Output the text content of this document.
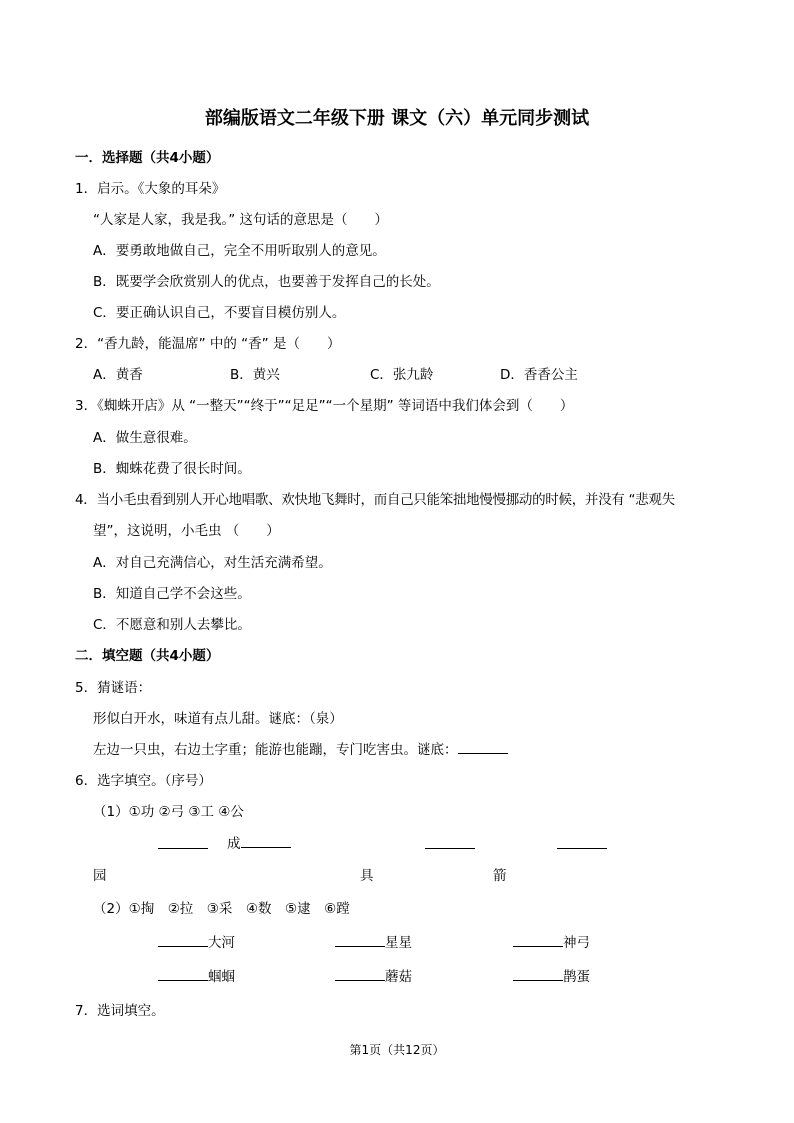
部编版语文二年级下册 课文（六）单元同步测试
一．选择题（共4小题）
1．启示。《大象的耳朵》
“人家是人家，我是我。” 这句话的意思是（　　）
A．要勇敢地做自己，完全不用听取别人的意见。
B．既要学会欣赏别人的优点，也要善于发挥自己的长处。
C．要正确认识自己，不要盲目模仿别人。
2．“香九龄，能温席” 中的 “香” 是（　　）
A．黄香	B．黄兴	C．张九龄	D．香香公主
3．《蜘蛛开店》从 “一整天”“终于”“足足”“一个星期” 等词语中我们体会到（　　）
A．做生意很难。
B．蜘蛛花费了很长时间。
4．当小毛虫看到别人开心地唱歌、欢快地飞舞时，而自己只能笨拙地慢慢挪动的时候，并没有 “悲观失
望”，这说明，小毛虫 （　　）
A．对自己充满信心，对生活充满希望。
B．知道自己学不会这些。
C．不愿意和别人去攀比。
二．填空题（共4小题）
5．猜谜语：
形似白开水，味道有点儿甜。谜底：（泉）
左边一只虫，右边土字重；能游也能蹦，专门吃害虫。谜底：
6．选字填空。（序号）
（1）①功 ②弓 ③工 ④公
成
园	具	箭
（2）①掏　②拉　③采　④数　⑤逮　⑥蹚
大河	星星	神弓
蝈蝈	蘑菇	鹊蛋
7．选词填空。
第1页（共12页）
